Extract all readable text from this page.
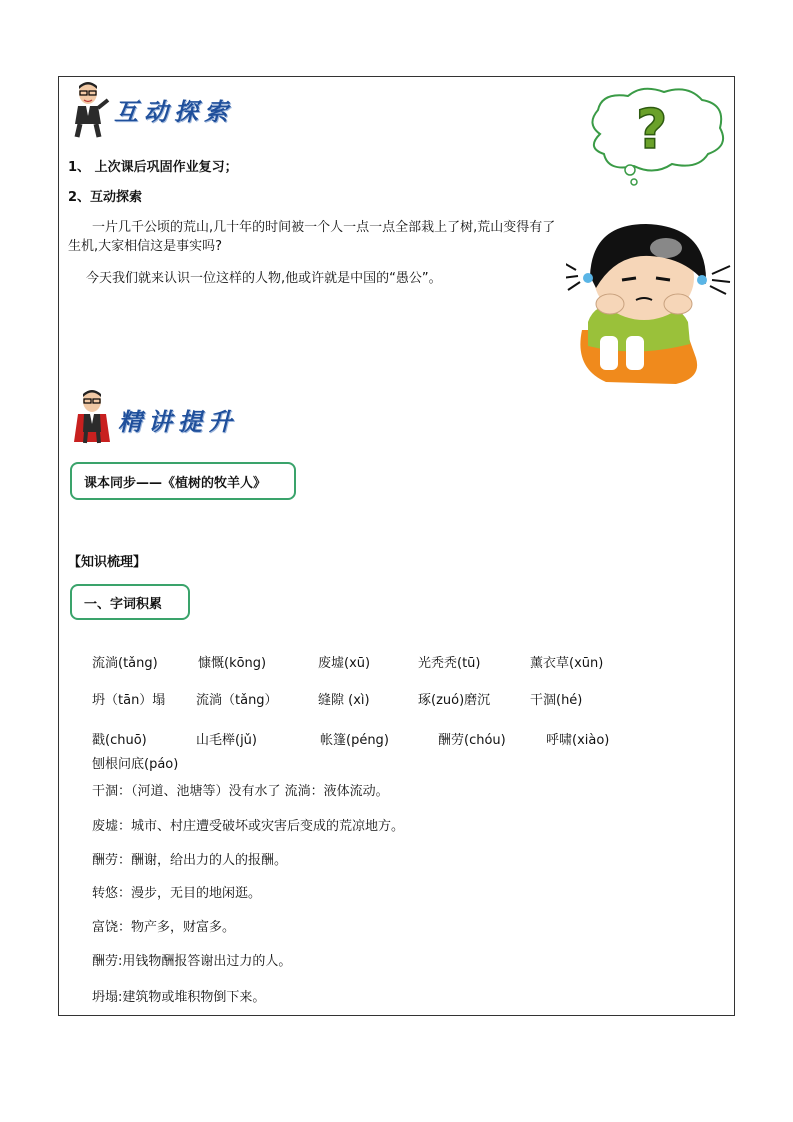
互动探索	?
1、 上次课后巩固作业复习；
2、互动探索
一片几千公顷的荒山,几十年的时间被一个人一点一点全部栽上了树,荒山变得有了
生机,大家相信这是事实吗?
今天我们就来认识一位这样的人物,他或许就是中国的“愚公”。
精讲提升
课本同步——《植树的牧羊人》
【知识梳理】
一、字词积累
流淌(tǎng)	慷慨(kōng)	废墟(xū)	光秃秃(tū)	薰衣草(xūn)
坍（tān）塌 流淌（tǎng）	缝隙 (xì)	琢(zuó)磨沉	干涸(hé)
戳(chuō)	山毛榉(jǔ)	帐篷(péng)	酬劳(chóu)	呼啸(xiào)
刨根问底(páo)
干涸：（河道、池塘等）没有水了 流淌：液体流动。
废墟：城市、村庄遭受破坏或灾害后变成的荒凉地方。
酬劳：酬谢，给出力的人的报酬。
转悠：漫步，无目的地闲逛。
富饶：物产多，财富多。
酬劳:用钱物酬报答谢出过力的人。
坍塌:建筑物或堆积物倒下来。
